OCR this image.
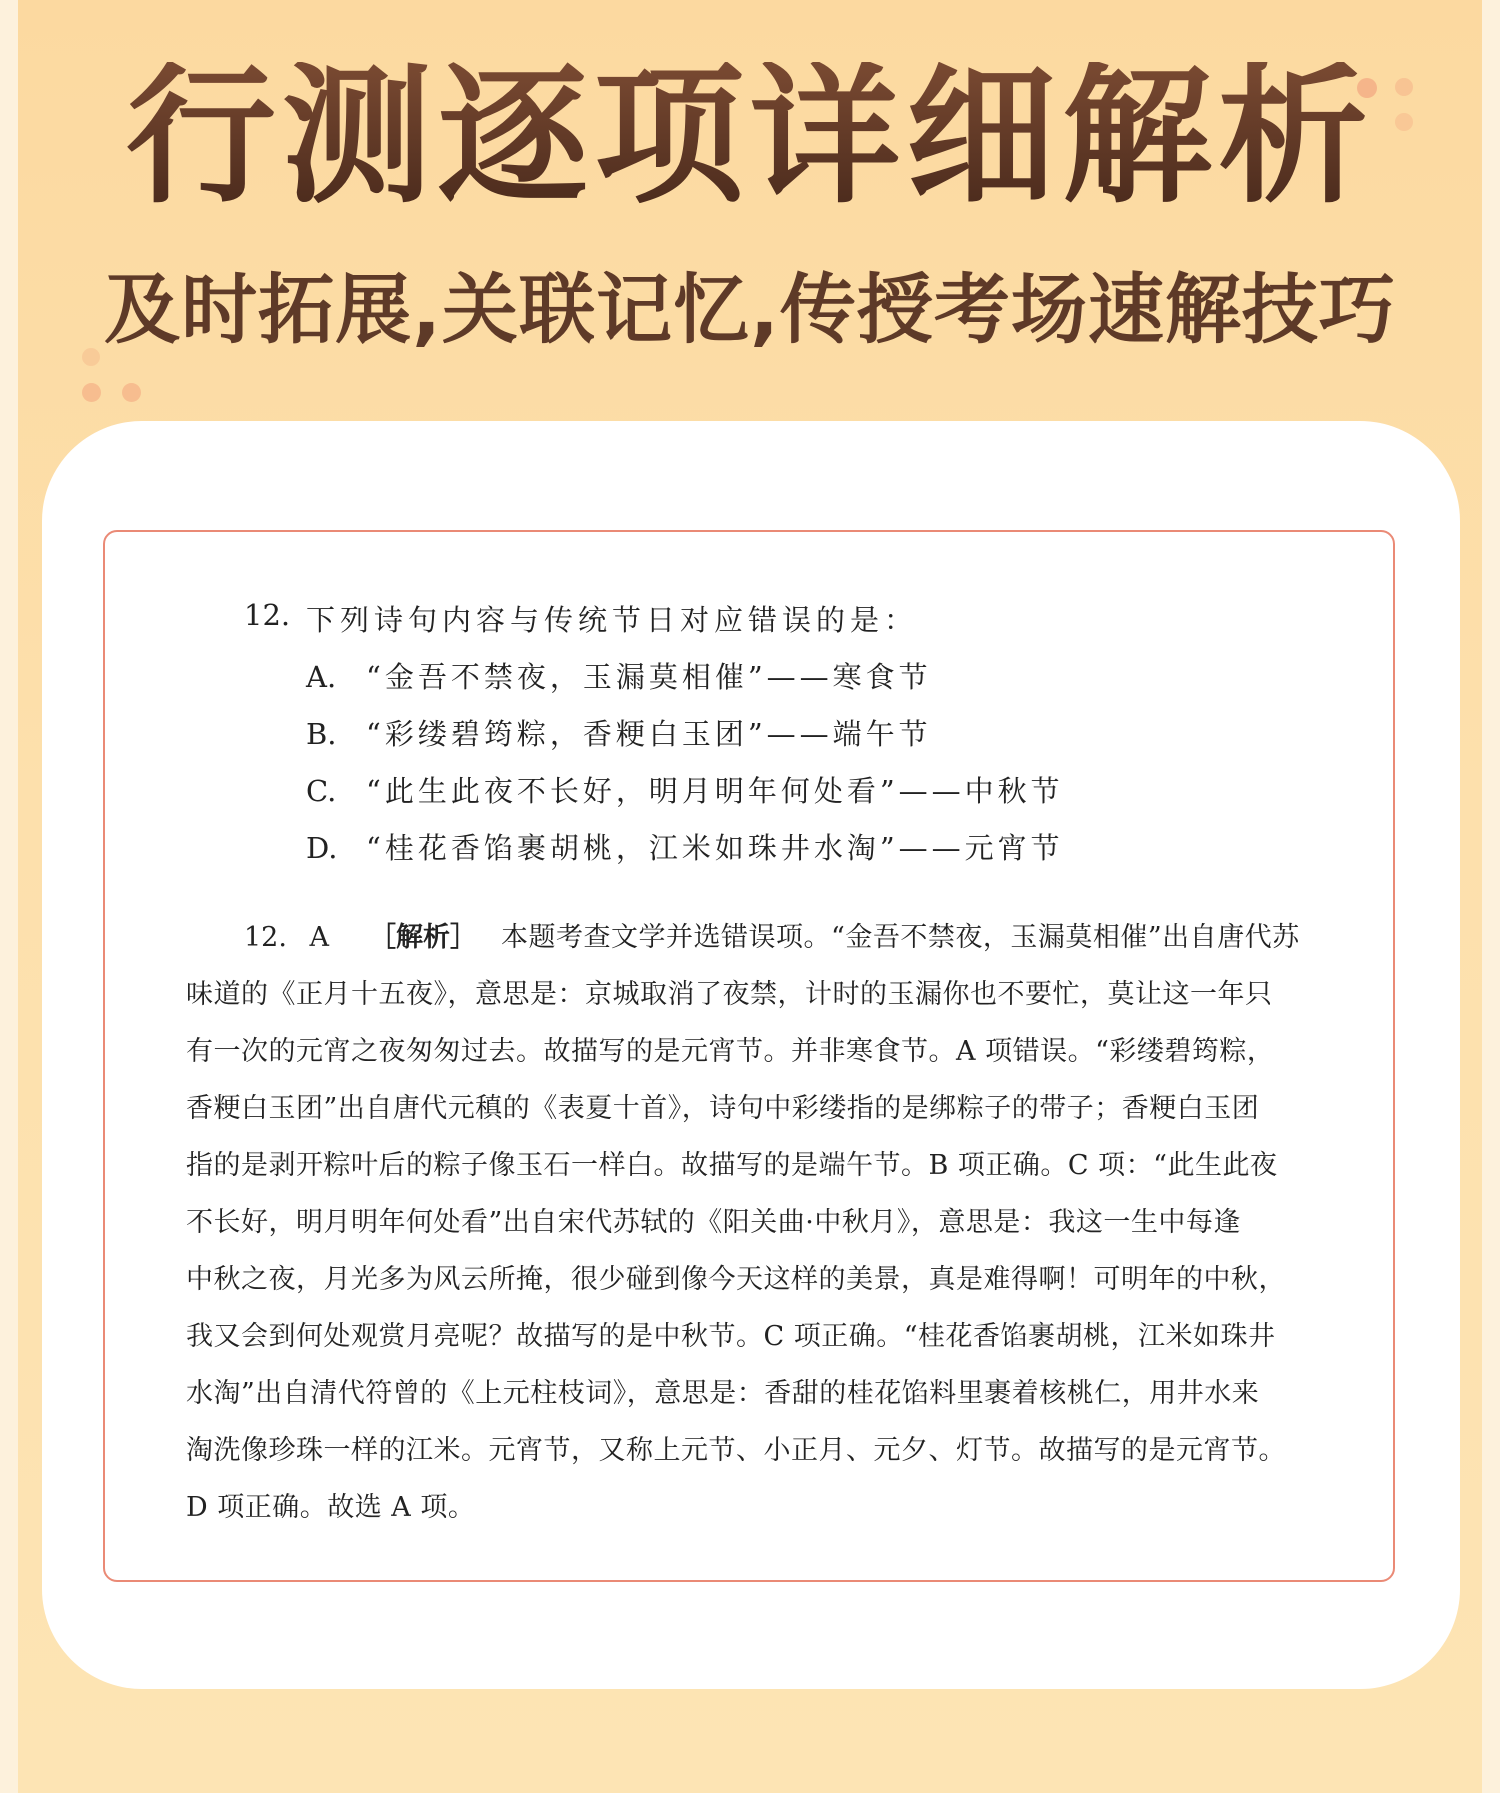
行测逐项详细解析
及时拓展,关联记忆,传授考场速解技巧
12. 下列诗句内容与传统节日对应错误的是：
A. “金吾不禁夜，玉漏莫相催”——寒食节
B. “彩缕碧筠粽，香粳白玉团”——端午节
C. “此生此夜不长好，明月明年何处看”——中秋节
D. “桂花香馅裹胡桃，江米如珠井水淘”——元宵节
12. A ［解析］ 本题考查文学并选错误项。“金吾不禁夜，玉漏莫相催”出自唐代苏
味道的《正月十五夜》，意思是：京城取消了夜禁，计时的玉漏你也不要忙，莫让这一年只
有一次的元宵之夜匆匆过去。故描写的是元宵节。并非寒食节。A 项错误。“彩缕碧筠粽，
香粳白玉团”出自唐代元稹的《表夏十首》，诗句中彩缕指的是绑粽子的带子；香粳白玉团
指的是剥开粽叶后的粽子像玉石一样白。故描写的是端午节。B 项正确。C 项：“此生此夜
不长好，明月明年何处看”出自宋代苏轼的《阳关曲·中秋月》，意思是：我这一生中每逢
中秋之夜，月光多为风云所掩，很少碰到像今天这样的美景，真是难得啊！可明年的中秋，
我又会到何处观赏月亮呢？故描写的是中秋节。C 项正确。“桂花香馅裹胡桃，江米如珠井
水淘”出自清代符曾的《上元柱枝词》，意思是：香甜的桂花馅料里裹着核桃仁，用井水来
淘洗像珍珠一样的江米。元宵节，又称上元节、小正月、元夕、灯节。故描写的是元宵节。
D 项正确。故选 A 项。
